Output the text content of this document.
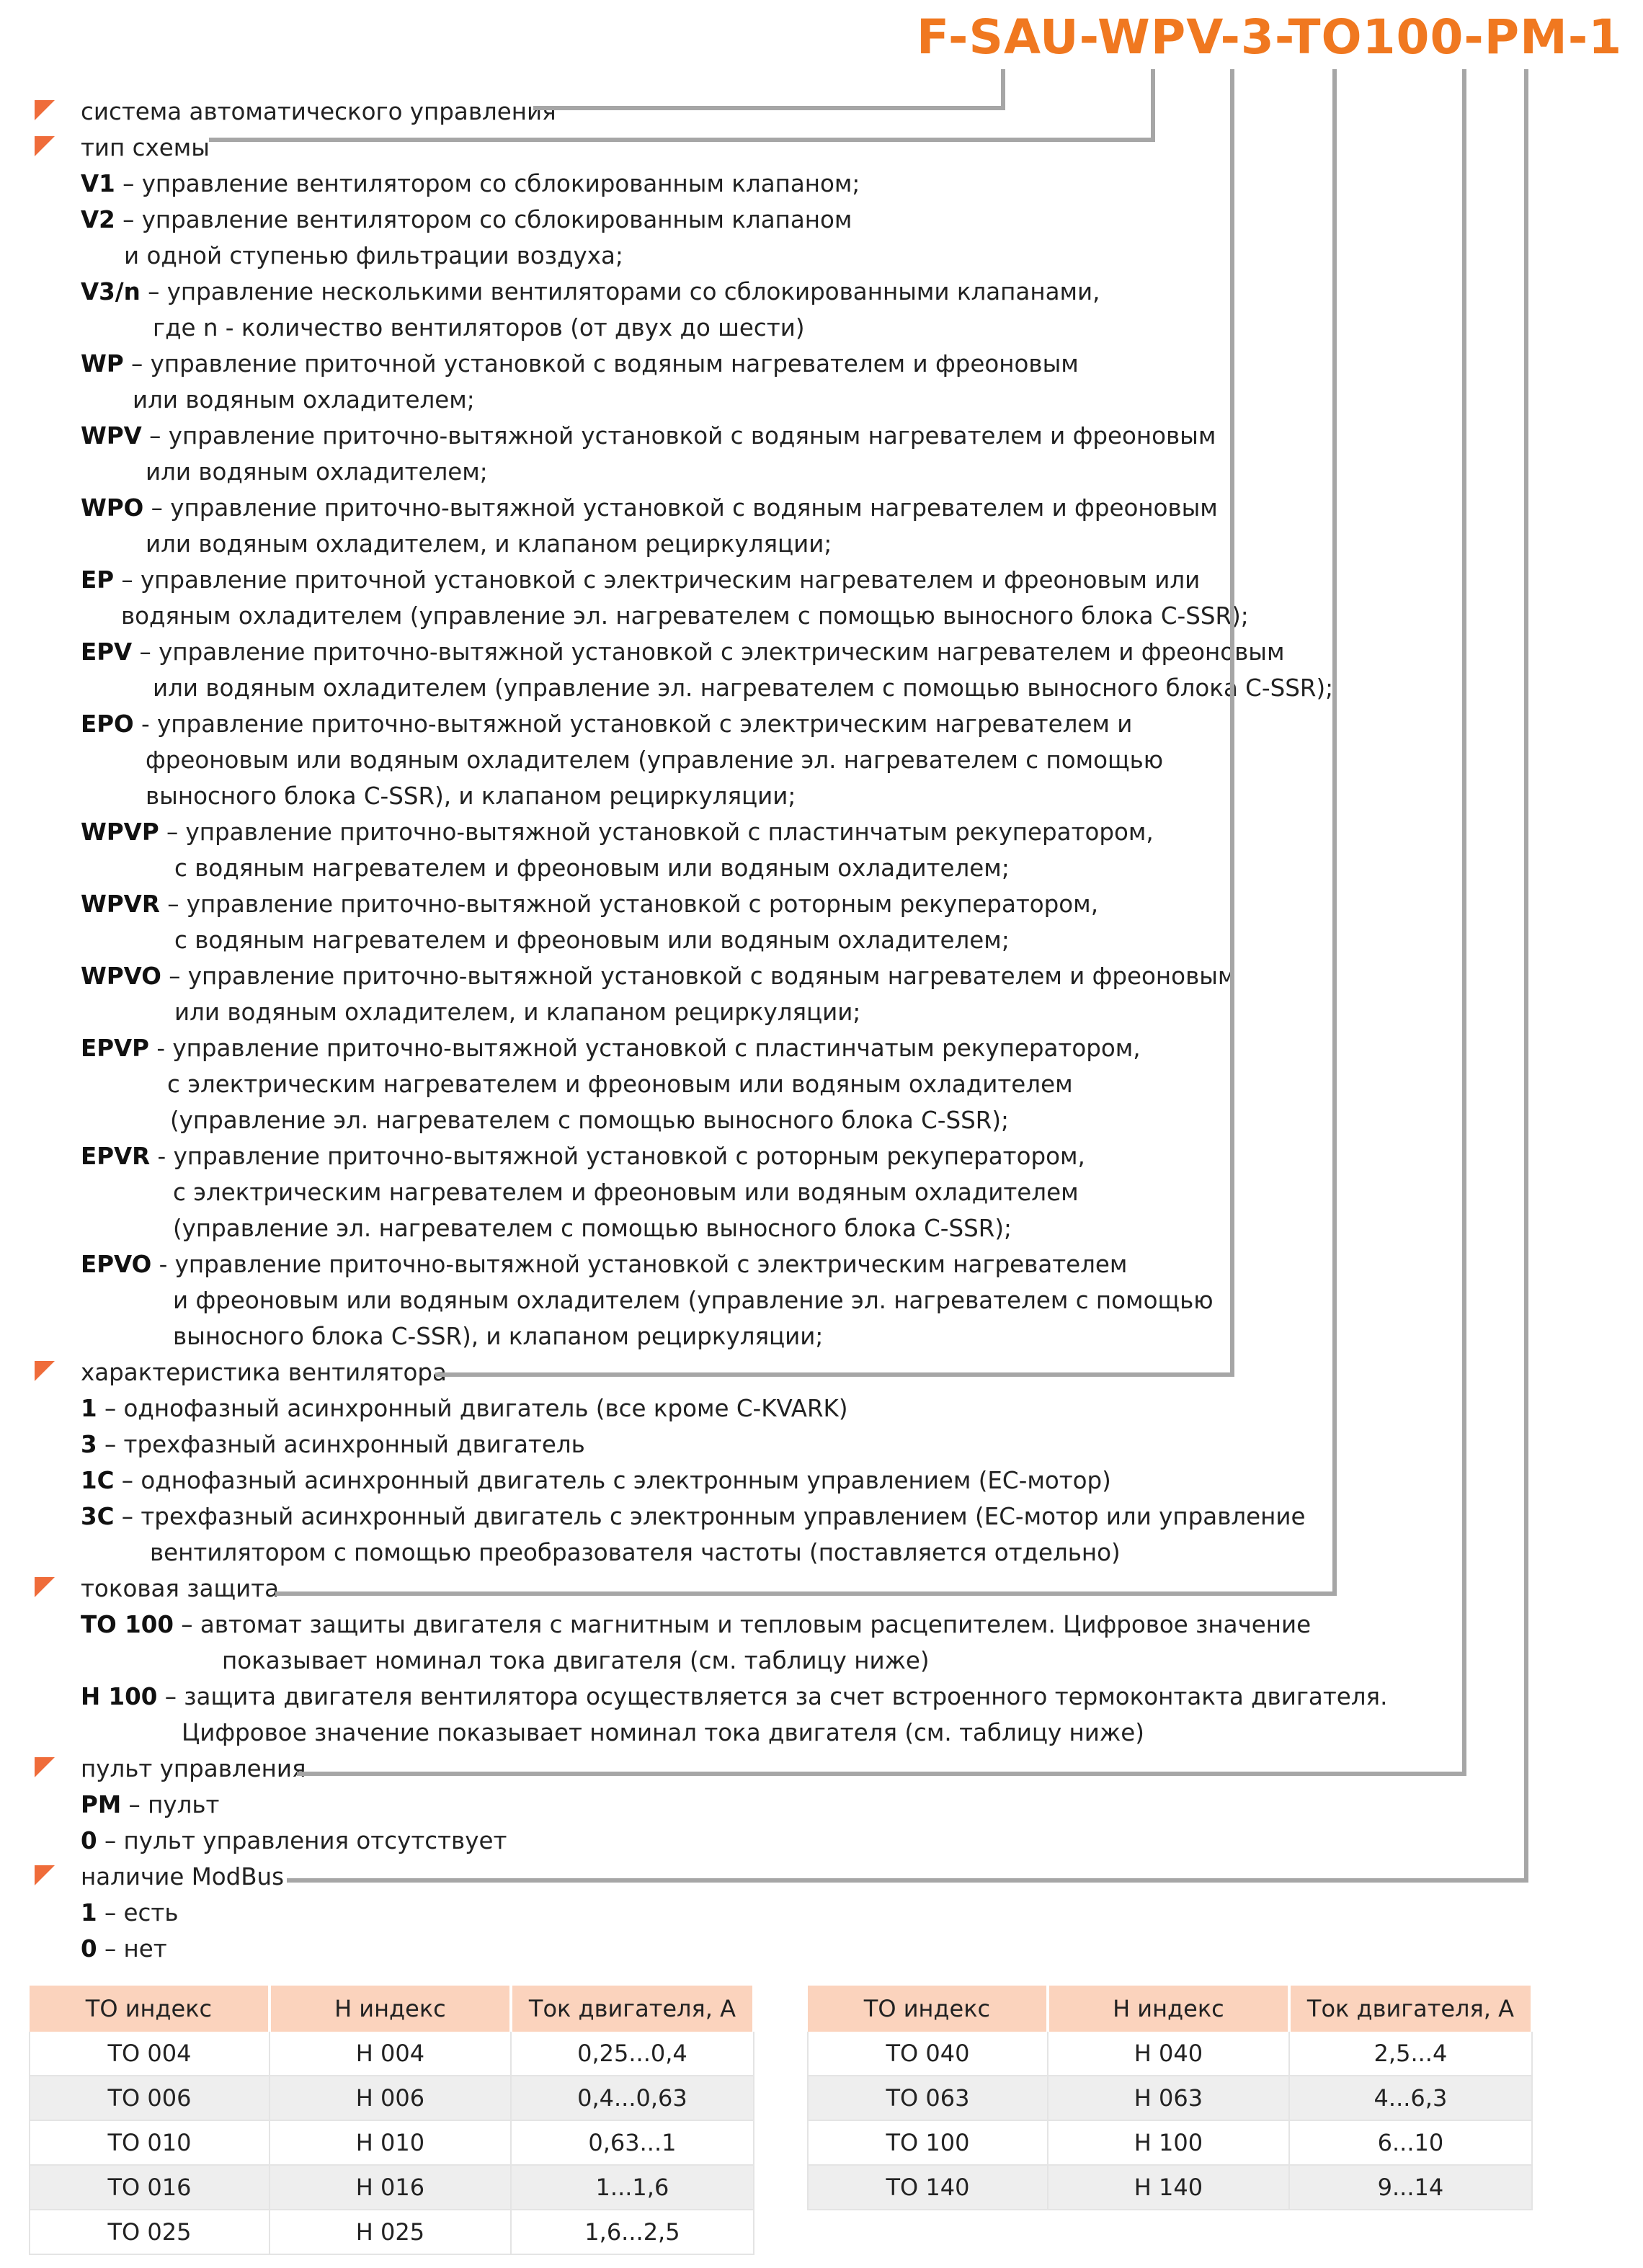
F-SAU-WPV-3-TO100-PM-1
система автоматического управления
тип схемы
V1 – управление вентилятором со сблокированным клапаном;
V2 – управление вентилятором со сблокированным клапаном
и одной ступенью фильтрации воздуха;
V3/n – управление несколькими вентиляторами со сблокированными клапанами,
где n - количество вентиляторов (от двух до шести)
WP – управление приточной установкой с водяным нагревателем и фреоновым
или водяным охладителем;
WPV – управление приточно-вытяжной установкой с водяным нагревателем и фреоновым
или водяным охладителем;
WPO – управление приточно-вытяжной установкой с водяным нагревателем и фреоновым
или водяным охладителем, и клапаном рециркуляции;
EP – управление приточной установкой с электрическим нагревателем и фреоновым или
водяным охладителем (управление эл. нагревателем с помощью выносного блока C-SSR);
EPV – управление приточно-вытяжной установкой с электрическим нагревателем и фреоновым
или водяным охладителем (управление эл. нагревателем с помощью выносного блока C-SSR);
EPO - управление приточно-вытяжной установкой с электрическим нагревателем и
фреоновым или водяным охладителем (управление эл. нагревателем с помощью
выносного блока C-SSR), и клапаном рециркуляции;
WPVP – управление приточно-вытяжной установкой с пластинчатым рекуператором,
с водяным нагревателем и фреоновым или водяным охладителем;
WPVR – управление приточно-вытяжной установкой с роторным рекуператором,
с водяным нагревателем и фреоновым или водяным охладителем;
WPVO – управление приточно-вытяжной установкой с водяным нагревателем и фреоновым
или водяным охладителем, и клапаном рециркуляции;
EPVP - управление приточно-вытяжной установкой с пластинчатым рекуператором,
с электрическим нагревателем и фреоновым или водяным охладителем
(управление эл. нагревателем с помощью выносного блока C-SSR);
EPVR - управление приточно-вытяжной установкой с роторным рекуператором,
с электрическим нагревателем и фреоновым или водяным охладителем
(управление эл. нагревателем с помощью выносного блока C-SSR);
EPVO - управление приточно-вытяжной установкой с электрическим нагревателем
и фреоновым или водяным охладителем (управление эл. нагревателем с помощью
выносного блока C-SSR), и клапаном рециркуляции;
характеристика вентилятора
1 – однофазный асинхронный двигатель (все кроме C-KVARK)
3 – трехфазный асинхронный двигатель
1C – однофазный асинхронный двигатель с электронным управлением (EC-мотор)
3C – трехфазный асинхронный двигатель с электронным управлением (EC-мотор или управление
вентилятором с помощью преобразователя частоты (поставляется отдельно)
токовая защита
TO 100 – автомат защиты двигателя с магнитным и тепловым расцепителем. Цифровое значение
показывает номинал тока двигателя (см. таблицу ниже)
H 100 – защита двигателя вентилятора осуществляется за счет встроенного термоконтакта двигателя.
Цифровое значение показывает номинал тока двигателя (см. таблицу ниже)
пульт управления
PM – пульт
0 – пульт управления отсутствует
наличие ModBus
1 – есть
0 – нет
ТО индекс	Н индекс	Ток двигателя, А
ТО 004	Н 004	0,25...0,4
ТО 006	Н 006	0,4...0,63
ТО 010	Н 010	0,63...1
ТО 016	Н 016	1...1,6
ТО 025	Н 025	1,6...2,5
ТО индекс	Н индекс	Ток двигателя, А
ТО 040	Н 040	2,5...4
ТО 063	Н 063	4...6,3
ТО 100	Н 100	6...10
ТО 140	Н 140	9...14
